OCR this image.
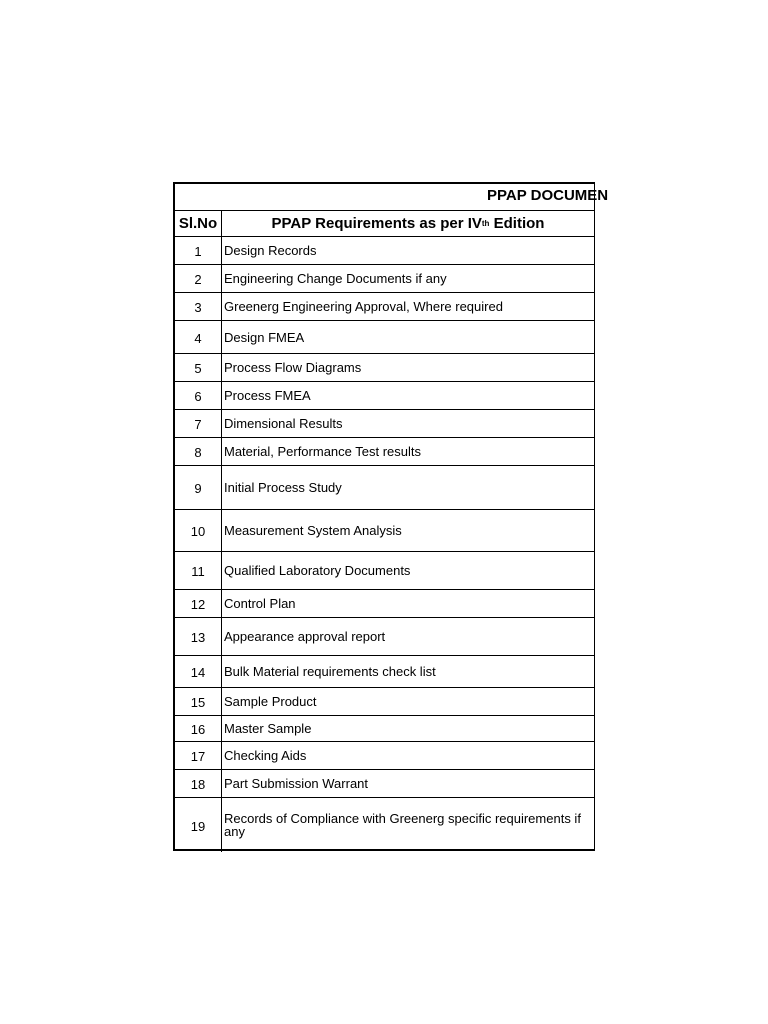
PPAP DOCUMEN
Sl.No	PPAP Requirements as per IV th Edition
1	Design Records
2	Engineering Change Documents if any
3	Greenerg Engineering Approval, Where required
4	Design FMEA
5	Process Flow Diagrams
6	Process FMEA
7	Dimensional Results
8	Material, Performance Test results
9	Initial Process Study
10	Measurement System Analysis
11	Qualified Laboratory Documents
12	Control Plan
13	Appearance approval report
14	Bulk Material requirements check list
15	Sample Product
16	Master Sample
17	Checking Aids
18	Part Submission Warrant
19	Records of Compliance with Greenerg specific requirements if any
